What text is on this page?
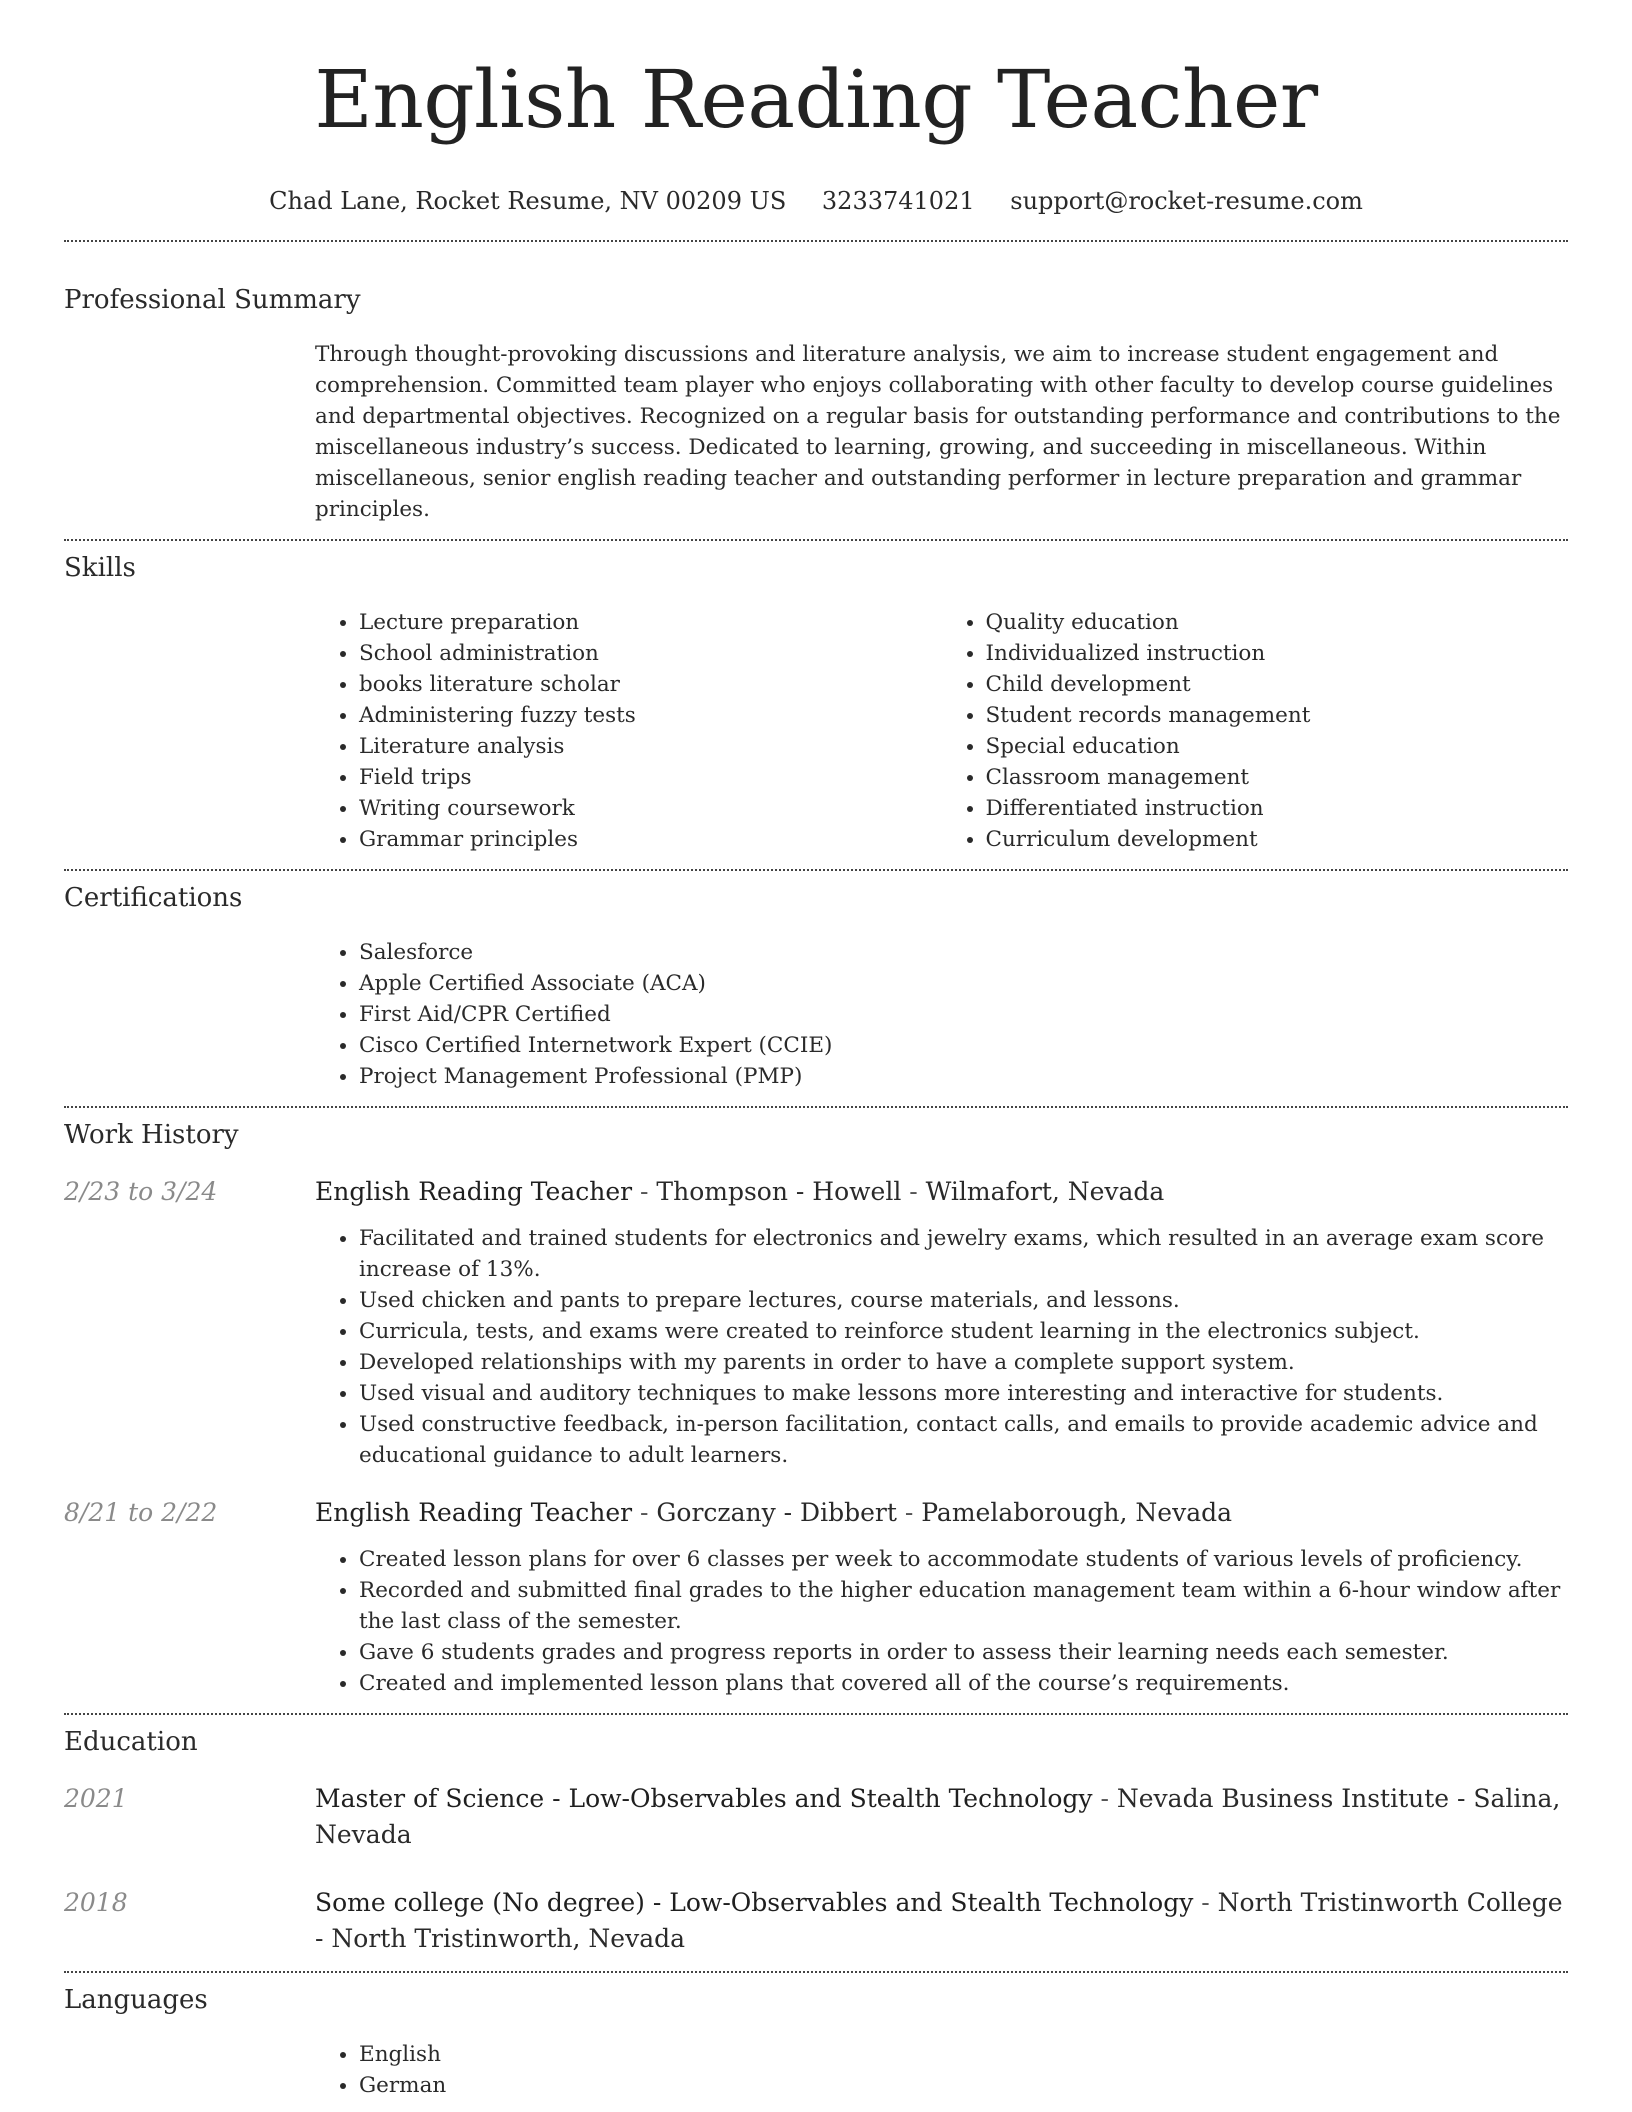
English Reading Teacher
Chad Lane, Rocket Resume, NV 00209 US 3233741021 support@rocket-resume.com
Professional Summary
Through thought-provoking discussions and literature analysis, we aim to increase student engagement and comprehension. Committed team player who enjoys collaborating with other faculty to develop course guidelines and departmental objectives. Recognized on a regular basis for outstanding performance and contributions to the miscellaneous industry’s success. Dedicated to learning, growing, and succeeding in miscellaneous. Within miscellaneous, senior english reading teacher and outstanding performer in lecture preparation and grammar principles.
Skills
• Lecture preparation
• School administration
• books literature scholar
• Administering fuzzy tests
• Literature analysis
• Field trips
• Writing coursework
• Grammar principles
• Quality education
• Individualized instruction
• Child development
• Student records management
• Special education
• Classroom management
• Differentiated instruction
• Curriculum development
Certifications
• Salesforce
• Apple Certified Associate (ACA)
• First Aid/CPR Certified
• Cisco Certified Internetwork Expert (CCIE)
• Project Management Professional (PMP)
Work History
2/23 to 3/24	English Reading Teacher - Thompson - Howell - Wilmafort, Nevada
• Facilitated and trained students for electronics and jewelry exams, which resulted in an average exam score increase of 13%.
• Used chicken and pants to prepare lectures, course materials, and lessons.
• Curricula, tests, and exams were created to reinforce student learning in the electronics subject.
• Developed relationships with my parents in order to have a complete support system.
• Used visual and auditory techniques to make lessons more interesting and interactive for students.
• Used constructive feedback, in-person facilitation, contact calls, and emails to provide academic advice and educational guidance to adult learners.
8/21 to 2/22	English Reading Teacher - Gorczany - Dibbert - Pamelaborough, Nevada
• Created lesson plans for over 6 classes per week to accommodate students of various levels of proficiency.
• Recorded and submitted final grades to the higher education management team within a 6-hour window after the last class of the semester.
• Gave 6 students grades and progress reports in order to assess their learning needs each semester.
• Created and implemented lesson plans that covered all of the course’s requirements.
Education
2021	Master of Science - Low-Observables and Stealth Technology - Nevada Business Institute - Salina, Nevada
2018	Some college (No degree) - Low-Observables and Stealth Technology - North Tristinworth College - North Tristinworth, Nevada
Languages
• English
• German
